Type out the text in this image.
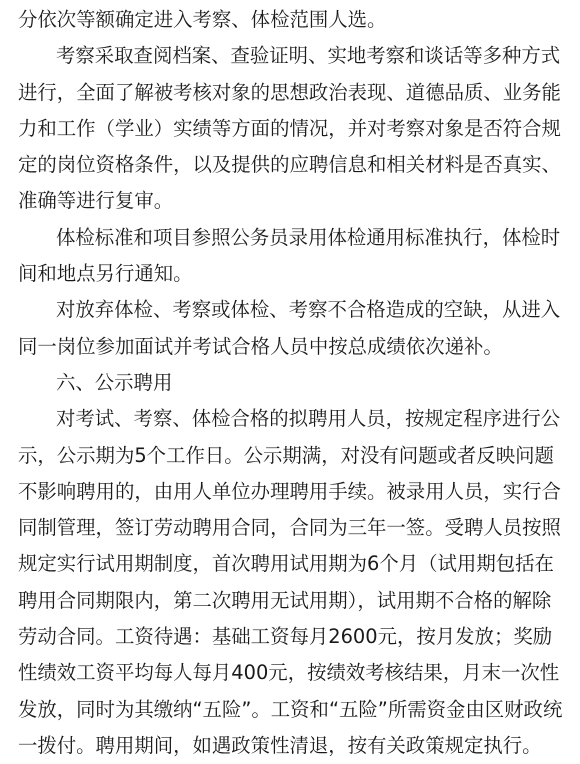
分依次等额确定进入考察、体检范围人选。
考察采取查阅档案、查验证明、实地考察和谈话等多种方式
进行，全面了解被考核对象的思想政治表现、道德品质、业务能
力和工作（学业）实绩等方面的情况，并对考察对象是否符合规
定的岗位资格条件，以及提供的应聘信息和相关材料是否真实、
准确等进行复审。
体检标准和项目参照公务员录用体检通用标准执行，体检时
间和地点另行通知。
对放弃体检、考察或体检、考察不合格造成的空缺，从进入
同一岗位参加面试并考试合格人员中按总成绩依次递补。
六、公示聘用
对考试、考察、体检合格的拟聘用人员，按规定程序进行公
示，公示期为5个工作日。公示期满，对没有问题或者反映问题
不影响聘用的，由用人单位办理聘用手续。被录用人员，实行合
同制管理，签订劳动聘用合同，合同为三年一签。受聘人员按照
规定实行试用期制度，首次聘用试用期为6个月（试用期包括在
聘用合同期限内，第二次聘用无试用期），试用期不合格的解除
劳动合同。工资待遇：基础工资每月2600元，按月发放；奖励
性绩效工资平均每人每月400元，按绩效考核结果，月末一次性
发放，同时为其缴纳“五险”。工资和“五险”所需资金由区财政统
一拨付。聘用期间，如遇政策性清退，按有关政策规定执行。
